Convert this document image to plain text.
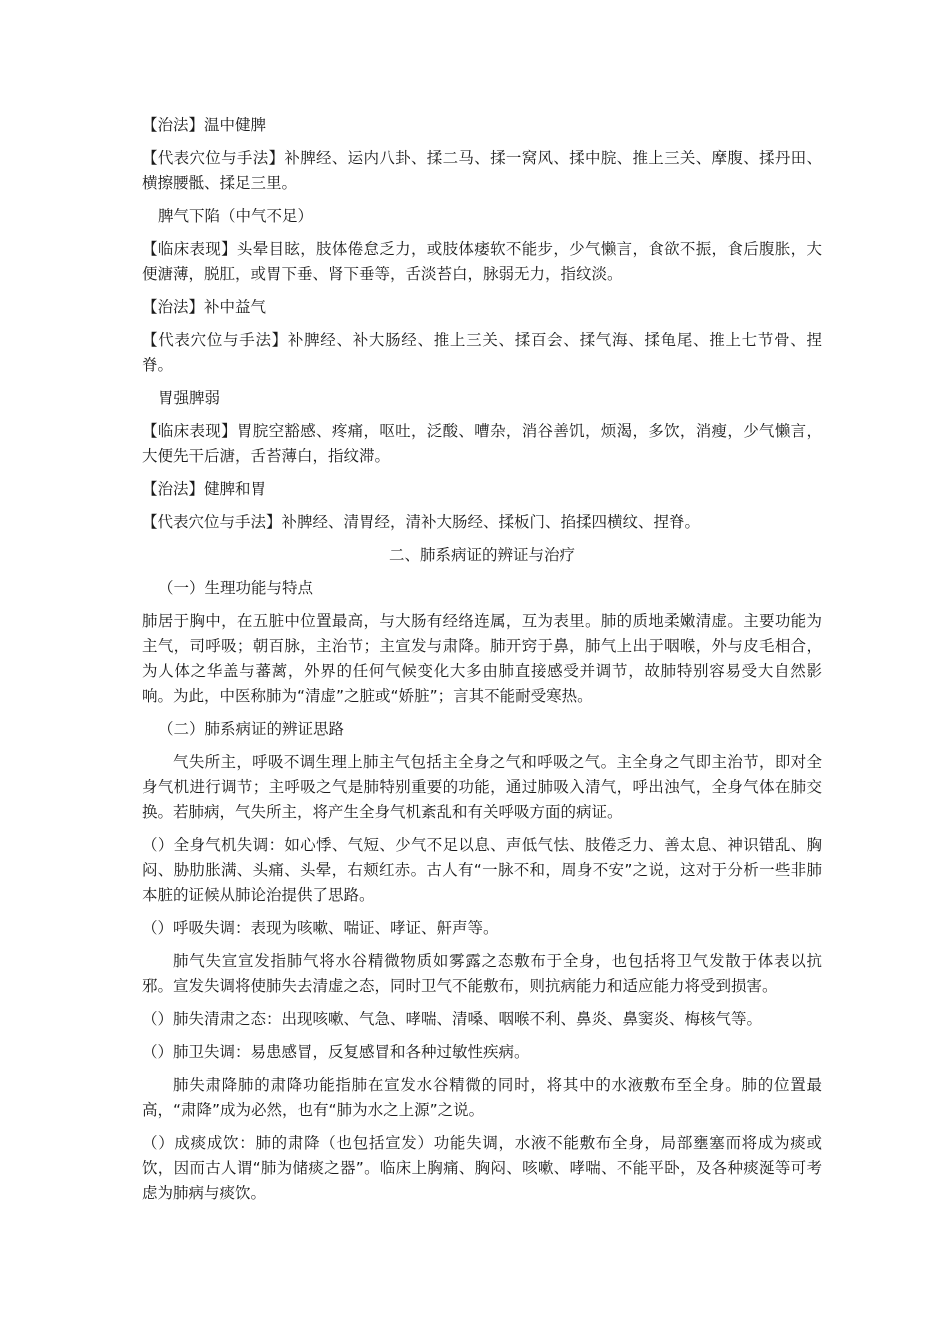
【治法】温中健脾

【代表穴位与手法】补脾经、运内八卦、揉二马、揉一窝风、揉中脘、推上三关、摩腹、揉丹田、横擦腰骶、揉足三里。

脾气下陷（中气不足）

【临床表现】头晕目眩，肢体倦怠乏力，或肢体痿软不能步，少气懒言，食欲不振，食后腹胀，大便溏薄，脱肛，或胃下垂、肾下垂等，舌淡苔白，脉弱无力，指纹淡。

【治法】补中益气

【代表穴位与手法】补脾经、补大肠经、推上三关、揉百会、揉气海、揉龟尾、推上七节骨、捏脊。

胃强脾弱

【临床表现】胃脘空豁感、疼痛，呕吐，泛酸、嘈杂，消谷善饥，烦渴，多饮，消瘦，少气懒言，大便先干后溏，舌苔薄白，指纹滞。

【治法】健脾和胃

【代表穴位与手法】补脾经、清胃经，清补大肠经、揉板门、掐揉四横纹、捏脊。

二、肺系病证的辨证与治疗

（一）生理功能与特点

肺居于胸中，在五脏中位置最高，与大肠有经络连属，互为表里。肺的质地柔嫩清虚。主要功能为主气，司呼吸；朝百脉，主治节；主宣发与肃降。肺开窍于鼻，肺气上出于咽喉，外与皮毛相合，为人体之华盖与蕃蓠，外界的任何气候变化大多由肺直接感受并调节，故肺特别容易受大自然影响。为此，中医称肺为“清虚”之脏或“娇脏”；言其不能耐受寒热。

（二）肺系病证的辨证思路

气失所主，呼吸不调生理上肺主气包括主全身之气和呼吸之气。主全身之气即主治节，即对全身气机进行调节；主呼吸之气是肺特别重要的功能，通过肺吸入清气，呼出浊气，全身气体在肺交换。若肺病，气失所主，将产生全身气机紊乱和有关呼吸方面的病证。

（）全身气机失调：如心悸、气短、少气不足以息、声低气怯、肢倦乏力、善太息、神识错乱、胸闷、胁肋胀满、头痛、头晕，右颊红赤。古人有“一脉不和，周身不安”之说，这对于分析一些非肺本脏的证候从肺论治提供了思路。

（）呼吸失调：表现为咳嗽、喘证、哮证、鼾声等。

肺气失宣宣发指肺气将水谷精微物质如雾露之态敷布于全身，也包括将卫气发散于体表以抗邪。宣发失调将使肺失去清虚之态，同时卫气不能敷布，则抗病能力和适应能力将受到损害。

（）肺失清肃之态：出现咳嗽、气急、哮喘、清嗓、咽喉不利、鼻炎、鼻窦炎、梅核气等。

（）肺卫失调：易患感冒，反复感冒和各种过敏性疾病。

肺失肃降肺的肃降功能指肺在宣发水谷精微的同时，将其中的水液敷布至全身。肺的位置最高，“肃降”成为必然，也有“肺为水之上源”之说。

（）成痰成饮：肺的肃降（也包括宣发）功能失调，水液不能敷布全身，局部壅塞而将成为痰或饮，因而古人谓“肺为储痰之器”。临床上胸痛、胸闷、咳嗽、哮喘、不能平卧，及各种痰涎等可考虑为肺病与痰饮。
